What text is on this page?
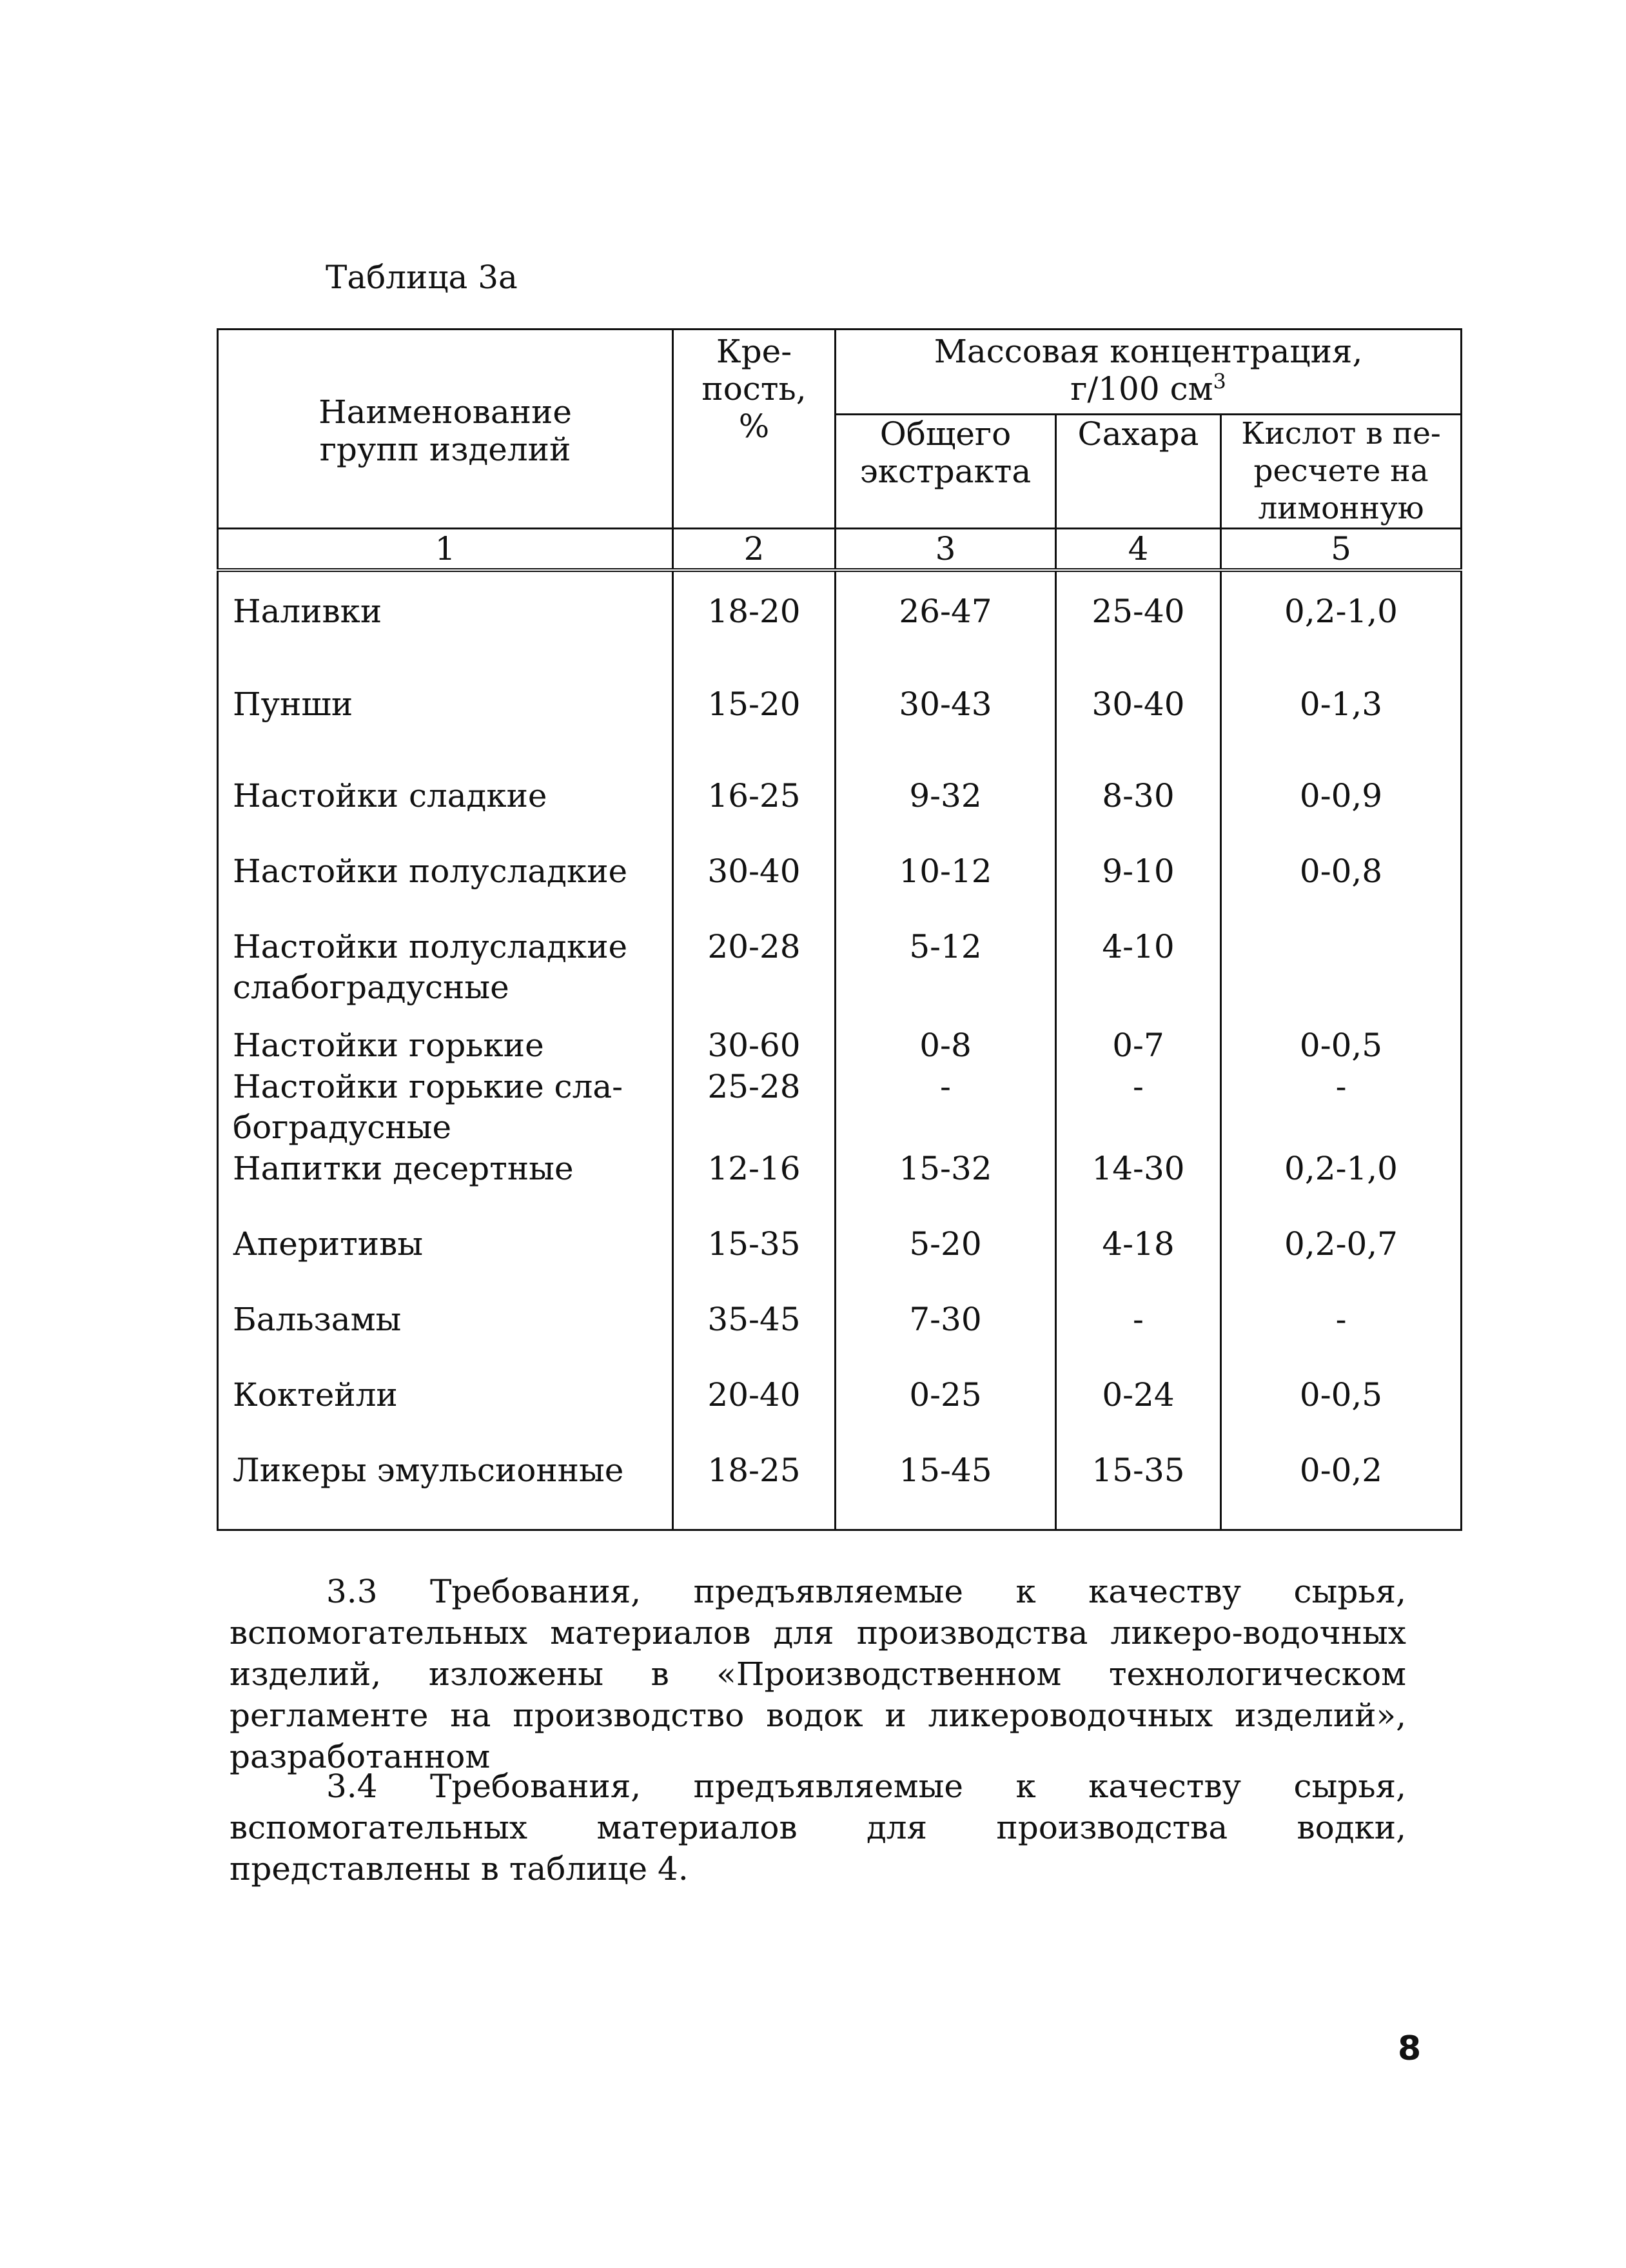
Таблица 3а
Наименование групп изделий	Кре-пость, %	Массовая концентрация, г/100 $см^3$

		Общего экстракта	Сахара	Кислот в пе-ресчете на лимонную

1	2	3	4	5
Наливки	18-20	26-47	25-40	0,2-1,0
Пунши	15-20	30-43	30-40	0-1,3
Настойки сладкие	16-25	9-32	8-30	0-0,9
Настойки полусладкие	30-40	10-12	9-10	0-0,8
Настойки полусладкие слабоградусные	20-28	5-12	4-10	
Настойки горькие	30-60	0-8	0-7	0-0,5
Настойки горькие сла-боградусные	25-28	-	-	-
Напитки десертные	12-16	15-32	14-30	0,2-1,0
Аперитивы	15-35	5-20	4-18	0,2-0,7
Бальзамы	35-45	7-30	-	-
Коктейли	20-40	0-25	0-24	0-0,5
Ликеры эмульсионные	18-25	15-45	15-35	0-0,2

3.3 Требования, предъявляемые к качеству сырья, вспомогательных материалов для производства ликеро-водочных изделий, изложены в «Производственном технологическом регламенте на производство водок и ликероводочных изделий», разработанном

3.4 Требования, предъявляемые к качеству сырья, вспомогательных материалов для производства водки, представлены в таблице 4.

8
